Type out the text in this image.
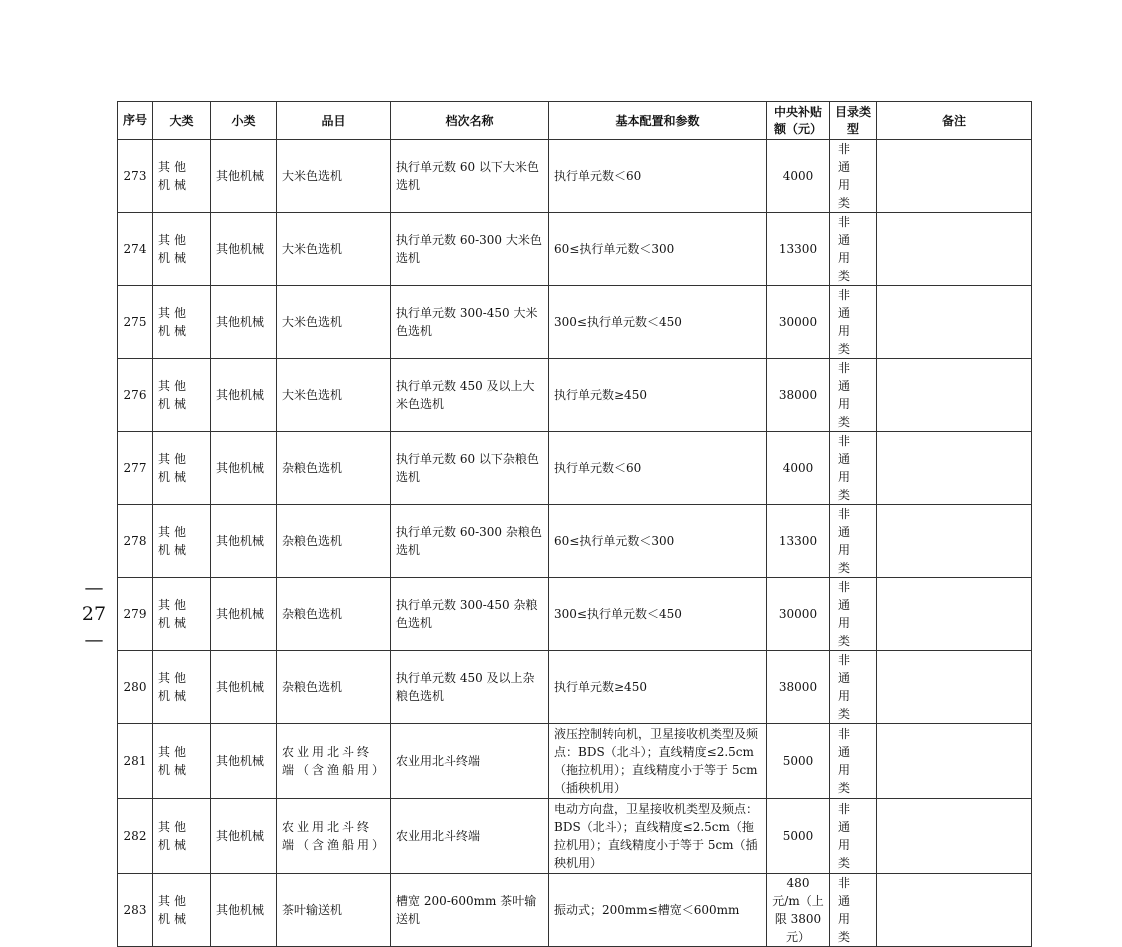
—
27
—
序号	大类	小类	品目	档次名称	基本配置和参数	中央补贴额（元）	目录类型	备注
273	其他机械	其他机械	大米色选机	执行单元数 60 以下大米色选机	执行单元数＜60	4000	非通用类	
274	其他机械	其他机械	大米色选机	执行单元数 60-300 大米色选机	60≤执行单元数＜300	13300	非通用类	
275	其他机械	其他机械	大米色选机	执行单元数 300-450 大米色选机	300≤执行单元数＜450	30000	非通用类	
276	其他机械	其他机械	大米色选机	执行单元数 450 及以上大米色选机	执行单元数≥450	38000	非通用类	
277	其他机械	其他机械	杂粮色选机	执行单元数 60 以下杂粮色选机	执行单元数＜60	4000	非通用类	
278	其他机械	其他机械	杂粮色选机	执行单元数 60-300 杂粮色选机	60≤执行单元数＜300	13300	非通用类	
279	其他机械	其他机械	杂粮色选机	执行单元数 300-450 杂粮色选机	300≤执行单元数＜450	30000	非通用类	
280	其他机械	其他机械	杂粮色选机	执行单元数 450 及以上杂粮色选机	执行单元数≥450	38000	非通用类	
281	其他机械	其他机械	农业用北斗终端（含渔船用）	农业用北斗终端	液压控制转向机，卫星接收机类型及频点：BDS（北斗）；直线精度≤2.5cm（拖拉机用）；直线精度小于等于 5cm（插秧机用）	5000	非通用类	
282	其他机械	其他机械	农业用北斗终端（含渔船用）	农业用北斗终端	电动方向盘，卫星接收机类型及频点：BDS（北斗）；直线精度≤2.5cm（拖拉机用）；直线精度小于等于 5cm（插秧机用）	5000	非通用类	
283	其他机械	其他机械	茶叶输送机	槽宽 200-600mm 茶叶输送机	振动式；200mm≤槽宽＜600mm	480 元/m（上限 3800 元）	非通用类	
